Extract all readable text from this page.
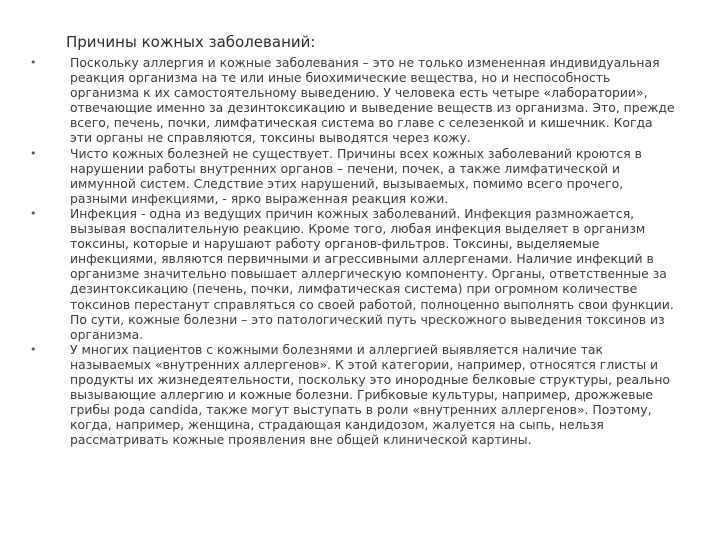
Причины кожных заболеваний:
•	Поскольку аллергия и кожные заболевания – это не только измененная индивидуальная реакция организма на те или иные биохимические вещества, но и неспособность организма к их самостоятельному выведению. У человека есть четыре «лаборатории», отвечающие именно за дезинтоксикацию и выведение веществ из организма. Это, прежде всего, печень, почки, лимфатическая система во главе с селезенкой и кишечник. Когда эти органы не справляются, токсины выводятся через кожу.
•	Чисто кожных болезней не существует. Причины всех кожных заболеваний кроются в нарушении работы внутренних органов – печени, почек, а также лимфатической и иммунной систем. Следствие этих нарушений, вызываемых, помимо всего прочего, разными инфекциями, - ярко выраженная реакция кожи.
•	Инфекция - одна из ведущих причин кожных заболеваний. Инфекция размножается, вызывая воспалительную реакцию. Кроме того, любая инфекция выделяет в организм токсины, которые и нарушают работу органов-фильтров. Токсины, выделяемые инфекциями, являются первичными и агрессивными аллергенами. Наличие инфекций в организме значительно повышает аллергическую компоненту. Органы, ответственные за дезинтоксикацию (печень, почки, лимфатическая система) при огромном количестве токсинов перестанут справляться со своей работой, полноценно выполнять свои функции. По сути, кожные болезни – это патологический путь чрескожного выведения токсинов из организма.
•	У многих пациентов с кожными болезнями и аллергией выявляется наличие так называемых «внутренних аллергенов». К этой категории, например, относятся глисты и продукты их жизнедеятельности, поскольку это инородные белковые структуры, реально вызывающие аллергию и кожные болезни. Грибковые культуры, например, дрожжевые грибы рода candida, также могут выступать в роли «внутренних аллергенов». Поэтому, когда, например, женщина, страдающая кандидозом, жалуется на сыпь, нельзя рассматривать кожные проявления вне общей клинической картины.
